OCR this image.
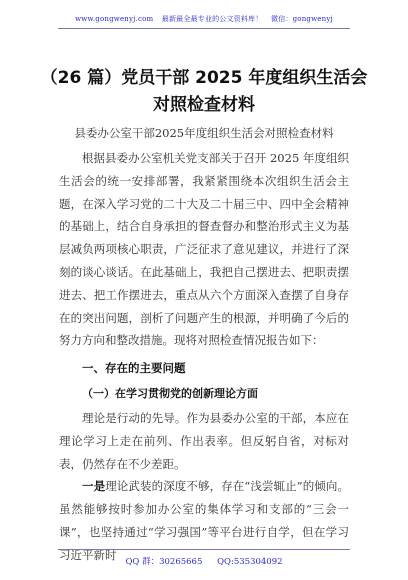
www.gongwenyj.com 最新最全最专业的公文资料库！ 微信：gongwenyj
（26 篇）党员干部 2025 年度组织生活会
对照检查材料
县委办公室干部2025年度组织生活会对照检查材料

根据县委办公室机关党支部关于召开 2025 年度组织生活会的统一安排部署，我紧紧围绕本次组织生活会主题，在深入学习党的二十大及二十届三中、四中全会精神的基础上，结合自身承担的督查督办和整治形式主义为基层减负两项核心职责，广泛征求了意见建议，并进行了深刻的谈心谈话。在此基础上，我把自己摆进去、把职责摆进去、把工作摆进去，重点从六个方面深入查摆了自身存在的突出问题，剖析了问题产生的根源，并明确了今后的努力方向和整改措施。现将对照检查情况报告如下：

一、存在的主要问题
（一）在学习贯彻党的创新理论方面

理论是行动的先导。作为县委办公室的干部，本应在理论学习上走在前列、作出表率。但反躬自省，对标对表，仍然存在不少差距。

一是理论武装的深度不够，存在“浅尝辄止”的倾向。虽然能够按时参加办公室的集体学习和支部的“三会一课”，也坚持通过“学习强国”等平台进行自学，但在学习习近平新时

QQ 群：30265665 QQ:535304092
